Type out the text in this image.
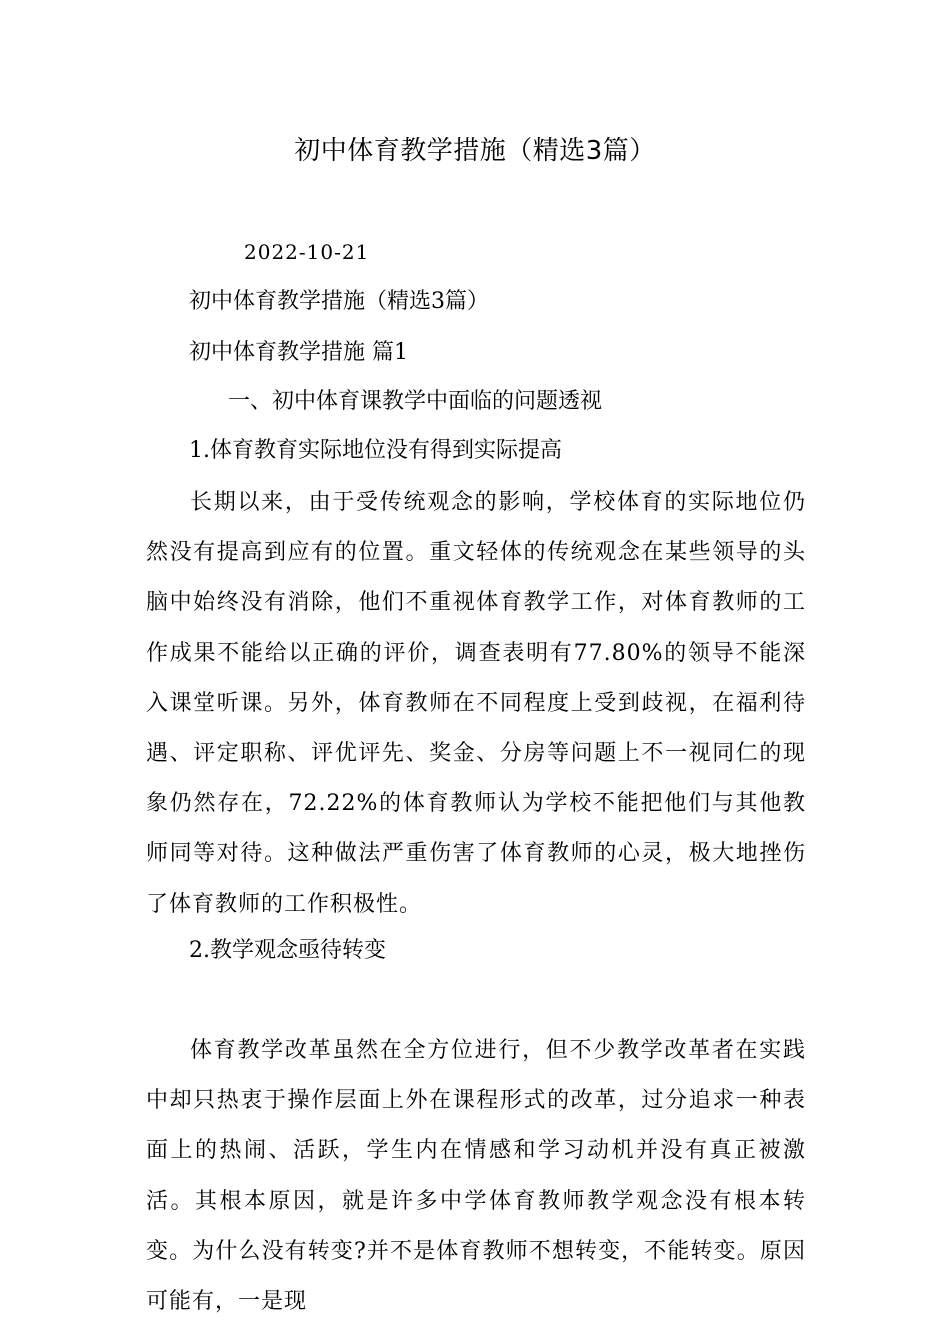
初中体育教学措施（精选3篇）
2022-10-21
初中体育教学措施（精选3篇）
初中体育教学措施 篇1
一、初中体育课教学中面临的问题透视
1.体育教育实际地位没有得到实际提高

长期以来，由于受传统观念的影响，学校体育的实际地位仍然没有提高到应有的位置。重文轻体的传统观念在某些领导的头脑中始终没有消除，他们不重视体育教学工作，对体育教师的工作成果不能给以正确的评价，调查表明有77.80%的领导不能深入课堂听课。另外，体育教师在不同程度上受到歧视，在福利待遇、评定职称、评优评先、奖金、分房等问题上不一视同仁的现象仍然存在，72.22%的体育教师认为学校不能把他们与其他教师同等对待。这种做法严重伤害了体育教师的心灵，极大地挫伤了体育教师的工作积极性。

2.教学观念亟待转变

体育教学改革虽然在全方位进行，但不少教学改革者在实践中却只热衷于操作层面上外在课程形式的改革，过分追求一种表面上的热闹、活跃，学生内在情感和学习动机并没有真正被激活。其根本原因，就是许多中学体育教师教学观念没有根本转变。为什么没有转变?并不是体育教师不想转变，不能转变。原因可能有，一是现
